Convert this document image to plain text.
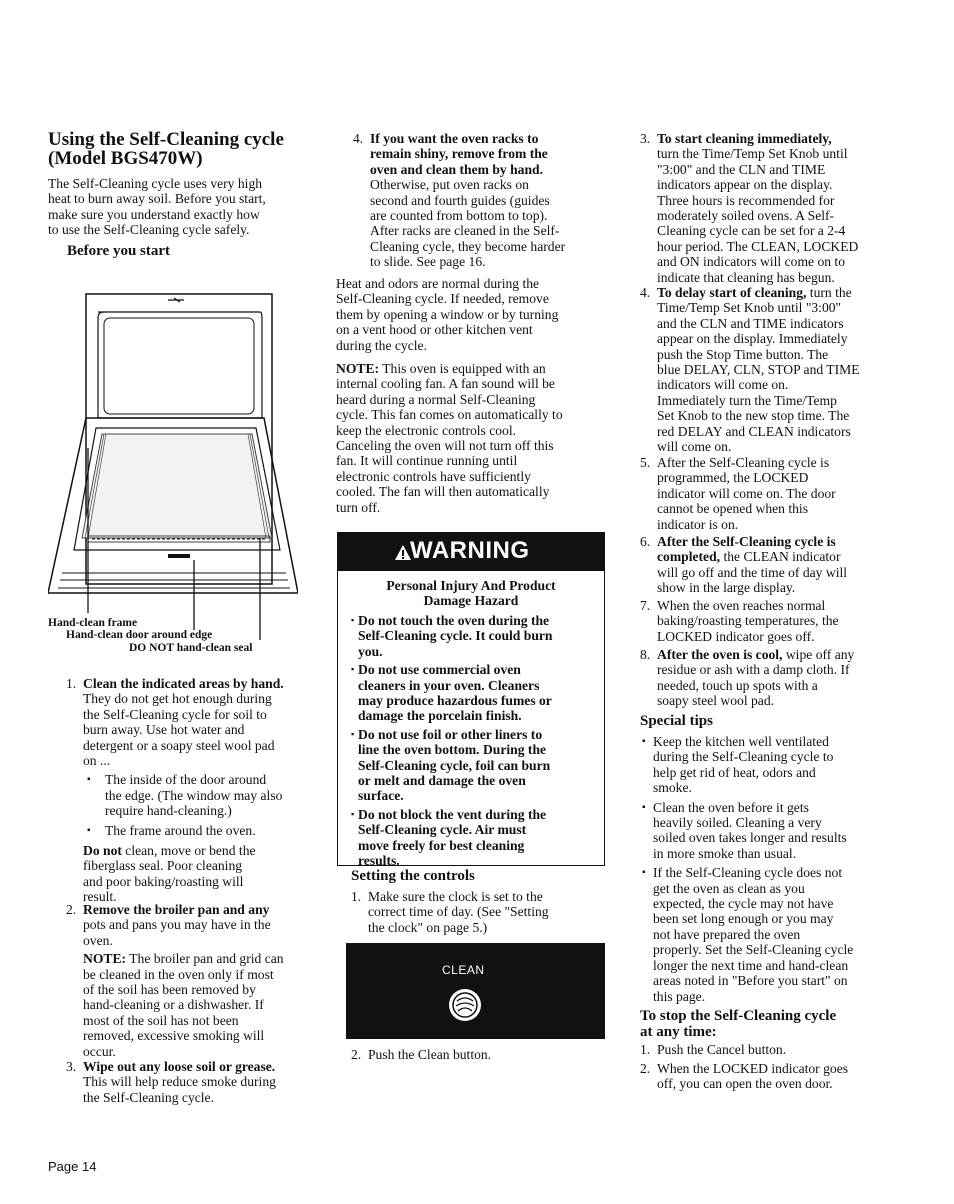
Using the Self-Cleaning cycle
(Model BGS470W)
The Self-Cleaning cycle uses very high
heat to burn away soil. Before you start,
make sure you understand exactly how
to use the Self-Cleaning cycle safely.
Before you start
Hand-clean frame
Hand-clean door around edge
DO NOT hand-clean seal
1. Clean the indicated areas by hand.
They do not get hot enough during
the Self-Cleaning cycle for soil to
burn away. Use hot water and
detergent or a soapy steel wool pad
on ...
▪ The inside of the door around
the edge. (The window may also
require hand-cleaning.)
▪ The frame around the oven.
Do not clean, move or bend the
fiberglass seal. Poor cleaning
and poor baking/roasting will
result.
2. Remove the broiler pan and any
pots and pans you may have in the
oven.
NOTE: The broiler pan and grid can
be cleaned in the oven only if most
of the soil has been removed by
hand-cleaning or a dishwasher. If
most of the soil has not been
removed, excessive smoking will
occur.
3. Wipe out any loose soil or grease.
This will help reduce smoke during
the Self-Cleaning cycle.
4. If you want the oven racks to
remain shiny, remove from the
oven and clean them by hand.
Otherwise, put oven racks on
second and fourth guides (guides
are counted from bottom to top).
After racks are cleaned in the Self-
Cleaning cycle, they become harder
to slide. See page 16.
Heat and odors are normal during the
Self-Cleaning cycle. If needed, remove
them by opening a window or by turning
on a vent hood or other kitchen vent
during the cycle.
NOTE: This oven is equipped with an
internal cooling fan. A fan sound will be
heard during a normal Self-Cleaning
cycle. This fan comes on automatically to
keep the electronic controls cool.
Canceling the oven will not turn off this
fan. It will continue running until
electronic controls have sufficiently
cooled. The fan will then automatically
turn off.
WARNING
Personal Injury And Product
Damage Hazard
▪ Do not touch the oven during the
Self-Cleaning cycle. It could burn
you.
▪ Do not use commercial oven
cleaners in your oven. Cleaners
may produce hazardous fumes or
damage the porcelain finish.
▪ Do not use foil or other liners to
line the oven bottom. During the
Self-Cleaning cycle, foil can burn
or melt and damage the oven
surface.
▪ Do not block the vent during the
Self-Cleaning cycle. Air must
move freely for best cleaning
results.
Setting the controls
1. Make sure the clock is set to the
correct time of day. (See "Setting
the clock" on page 5.)
CLEAN
2. Push the Clean button.
3. To start cleaning immediately,
turn the Time/Temp Set Knob until
"3:00" and the CLN and TIME
indicators appear on the display.
Three hours is recommended for
moderately soiled ovens. A Self-
Cleaning cycle can be set for a 2-4
hour period. The CLEAN, LOCKED
and ON indicators will come on to
indicate that cleaning has begun.
4. To delay start of cleaning, turn the
Time/Temp Set Knob until "3:00"
and the CLN and TIME indicators
appear on the display. Immediately
push the Stop Time button. The
blue DELAY, CLN, STOP and TIME
indicators will come on.
Immediately turn the Time/Temp
Set Knob to the new stop time. The
red DELAY and CLEAN indicators
will come on.
5. After the Self-Cleaning cycle is
programmed, the LOCKED
indicator will come on. The door
cannot be opened when this
indicator is on.
6. After the Self-Cleaning cycle is
completed, the CLEAN indicator
will go off and the time of day will
show in the large display.
7. When the oven reaches normal
baking/roasting temperatures, the
LOCKED indicator goes off.
8. After the oven is cool, wipe off any
residue or ash with a damp cloth. If
needed, touch up spots with a
soapy steel wool pad.
Special tips
▪ Keep the kitchen well ventilated
during the Self-Cleaning cycle to
help get rid of heat, odors and
smoke.
▪ Clean the oven before it gets
heavily soiled. Cleaning a very
soiled oven takes longer and results
in more smoke than usual.
▪ If the Self-Cleaning cycle does not
get the oven as clean as you
expected, the cycle may not have
been set long enough or you may
not have prepared the oven
properly. Set the Self-Cleaning cycle
longer the next time and hand-clean
areas noted in "Before you start" on
this page.
To stop the Self-Cleaning cycle
at any time:
1. Push the Cancel button.
2. When the LOCKED indicator goes
off, you can open the oven door.
Page 14
